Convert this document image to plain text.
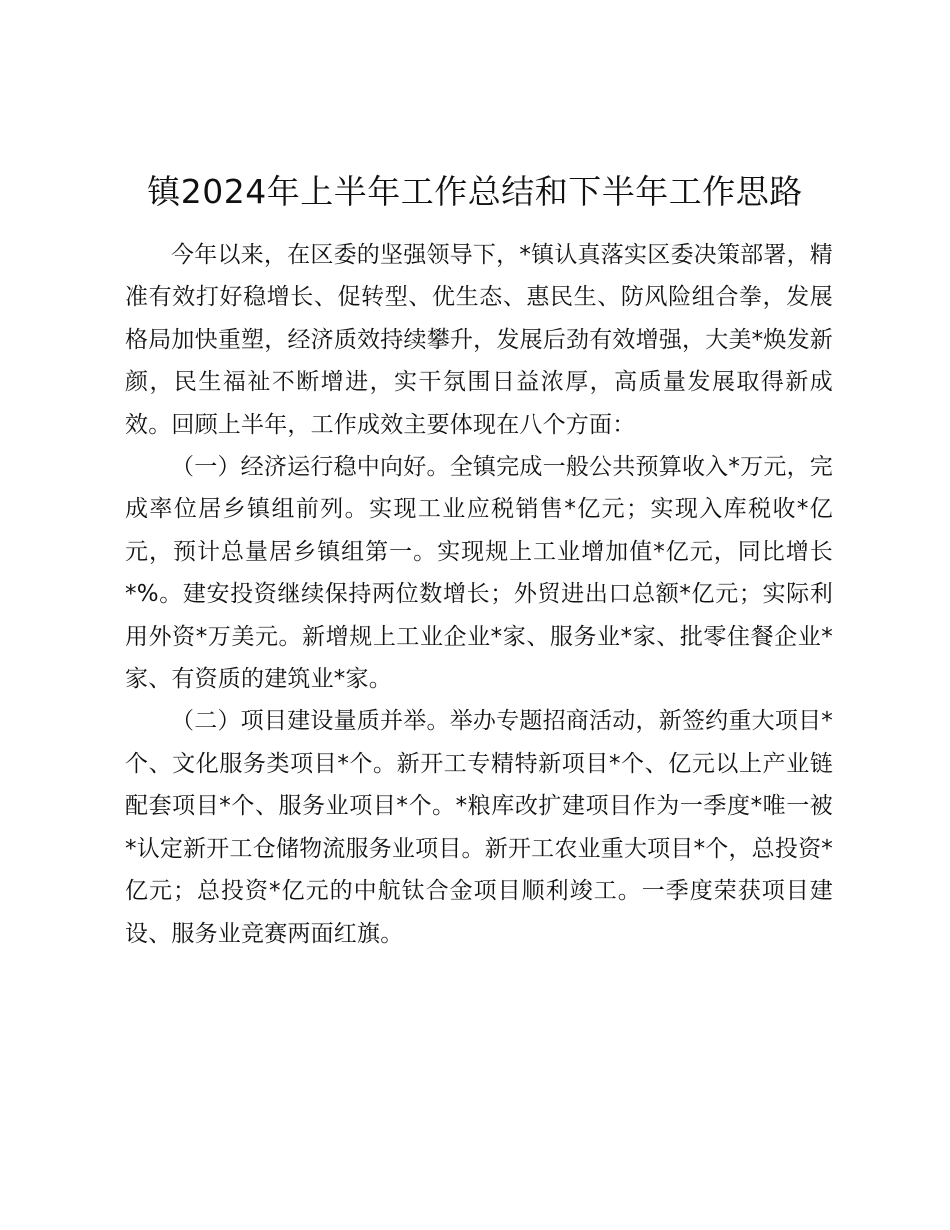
镇2024年上半年工作总结和下半年工作思路

今年以来，在区委的坚强领导下，*镇认真落实区委决策部署，精准有效打好稳增长、促转型、优生态、惠民生、防风险组合拳，发展格局加快重塑，经济质效持续攀升，发展后劲有效增强，大美*焕发新颜，民生福祉不断增进，实干氛围日益浓厚，高质量发展取得新成效。回顾上半年，工作成效主要体现在八个方面：

（一）经济运行稳中向好。全镇完成一般公共预算收入*万元，完成率位居乡镇组前列。实现工业应税销售*亿元；实现入库税收*亿元，预计总量居乡镇组第一。实现规上工业增加值*亿元，同比增长*%。建安投资继续保持两位数增长；外贸进出口总额*亿元；实际利用外资*万美元。新增规上工业企业*家、服务业*家、批零住餐企业*家、有资质的建筑业*家。

（二）项目建设量质并举。举办专题招商活动，新签约重大项目*个、文化服务类项目*个。新开工专精特新项目*个、亿元以上产业链配套项目*个、服务业项目*个。*粮库改扩建项目作为一季度*唯一被*认定新开工仓储物流服务业项目。新开工农业重大项目*个，总投资*亿元；总投资*亿元的中航钛合金项目顺利竣工。一季度荣获项目建设、服务业竞赛两面红旗。
